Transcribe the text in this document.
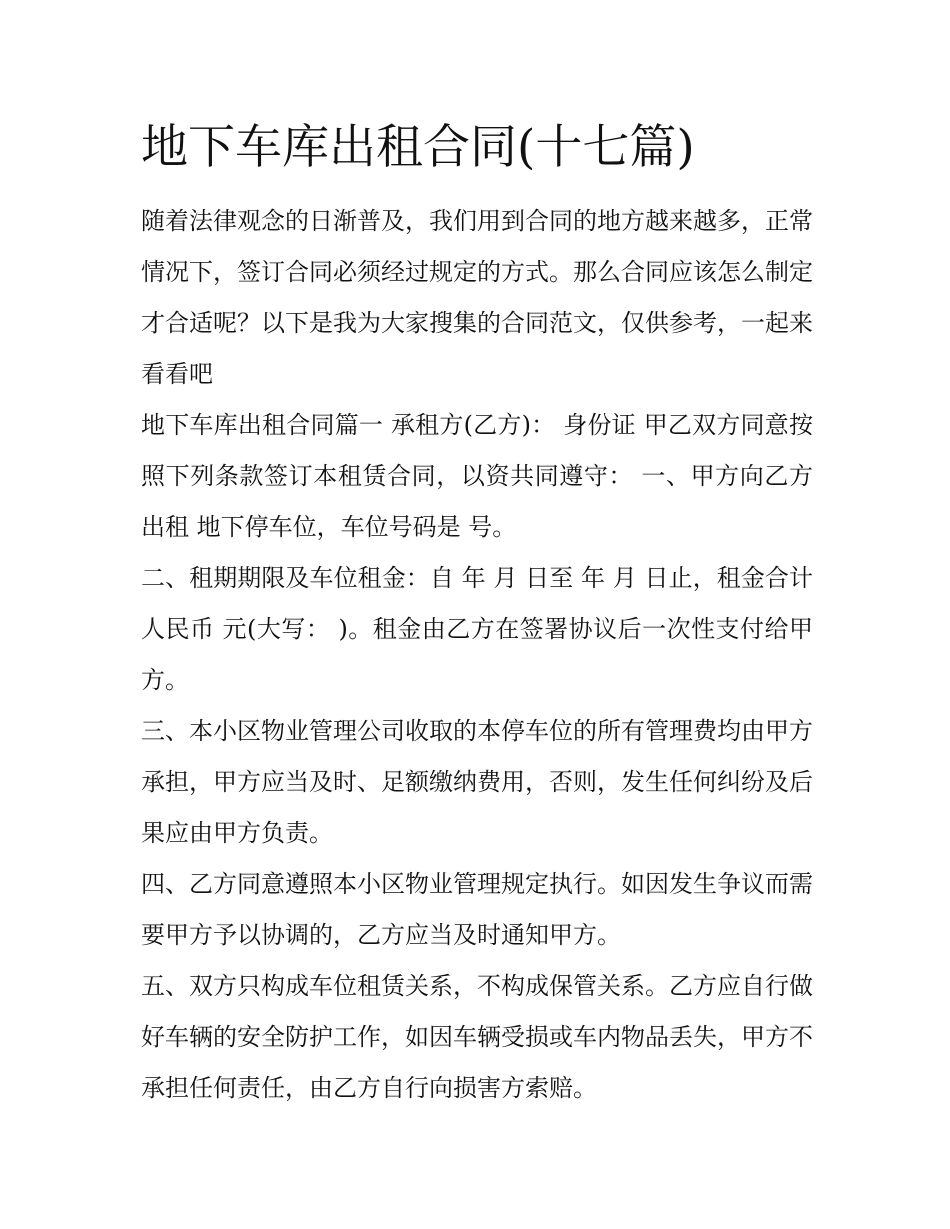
地下车库出租合同(十七篇)

随着法律观念的日渐普及，我们用到合同的地方越来越多，正常情况下，签订合同必须经过规定的方式。那么合同应该怎么制定才合适呢？以下是我为大家搜集的合同范文，仅供参考，一起来看看吧

地下车库出租合同篇一 承租方(乙方)： 身份证 甲乙双方同意按照下列条款签订本租赁合同，以资共同遵守： 一、甲方向乙方出租 地下停车位，车位号码是 号。

二、租期期限及车位租金：自 年 月 日至 年 月 日止，租金合计人民币 元(大写： )。租金由乙方在签署协议后一次性支付给甲方。

三、本小区物业管理公司收取的本停车位的所有管理费均由甲方承担，甲方应当及时、足额缴纳费用，否则，发生任何纠纷及后果应由甲方负责。

四、乙方同意遵照本小区物业管理规定执行。如因发生争议而需要甲方予以协调的，乙方应当及时通知甲方。

五、双方只构成车位租赁关系，不构成保管关系。乙方应自行做好车辆的安全防护工作，如因车辆受损或车内物品丢失，甲方不承担任何责任，由乙方自行向损害方索赔。
